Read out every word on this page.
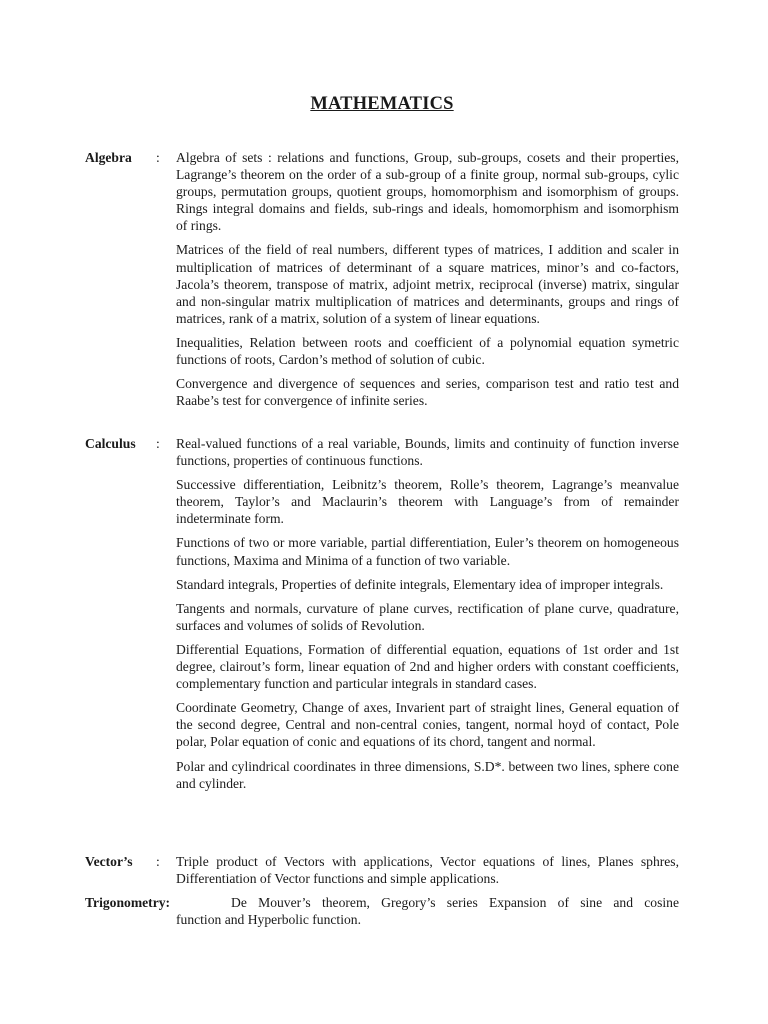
MATHEMATICS
Algebra : Algebra of sets : relations and functions, Group, sub-groups, cosets and their properties, Lagrange’s theorem on the order of a sub-group of a finite group, normal sub-groups, cylic groups, permutation groups, quotient groups, homomorphism and isomorphism of groups. Rings integral domains and fields, sub-rings and ideals, homomorphism and isomorphism of rings.

Matrices of the field of real numbers, different types of matrices, I addition and scaler in multiplication of matrices of determinant of a square matrices, minor’s and co-factors, Jacola’s theorem, transpose of matrix, adjoint metrix, reciprocal (inverse) matrix, singular and non-singular matrix multiplication of matrices and determinants, groups and rings of matrices, rank of a matrix, solution of a system of linear equations.

Inequalities, Relation between roots and coefficient of a polynomial equation symetric functions of roots, Cardon’s method of solution of cubic.

Convergence and divergence of sequences and series, comparison test and ratio test and Raabe’s test for convergence of infinite series.

Calculus : Real-valued functions of a real variable, Bounds, limits and continuity of function inverse functions, properties of continuous functions.

Successive differentiation, Leibnitz’s theorem, Rolle’s theorem, Lagrange’s meanvalue theorem, Taylor’s and Maclaurin’s theorem with Language’s from of remainder indeterminate form.

Functions of two or more variable, partial differentiation, Euler’s theorem on homogeneous functions, Maxima and Minima of a function of two variable.

Standard integrals, Properties of definite integrals, Elementary idea of improper integrals.

Tangents and normals, curvature of plane curves, rectification of plane curve, quadrature, surfaces and volumes of solids of Revolution.

Differential Equations, Formation of differential equation, equations of 1st order and 1st degree, clairout’s form, linear equation of 2nd and higher orders with constant coefficients, complementary function and particular integrals in standard cases.

Coordinate Geometry, Change of axes, Invarient part of straight lines, General equation of the second degree, Central and non-central conies, tangent, normal hoyd of contact, Pole polar, Polar equation of conic and equations of its chord, tangent and normal.

Polar and cylindrical coordinates in three dimensions, S.D*. between two lines, sphere cone and cylinder.

Vector’s : Triple product of Vectors with applications, Vector equations of lines, Planes sphres, Differentiation of Vector functions and simple applications.

Trigonometry:	De Mouver’s theorem, Gregory’s series Expansion of sine and cosine
function and Hyperbolic function.
